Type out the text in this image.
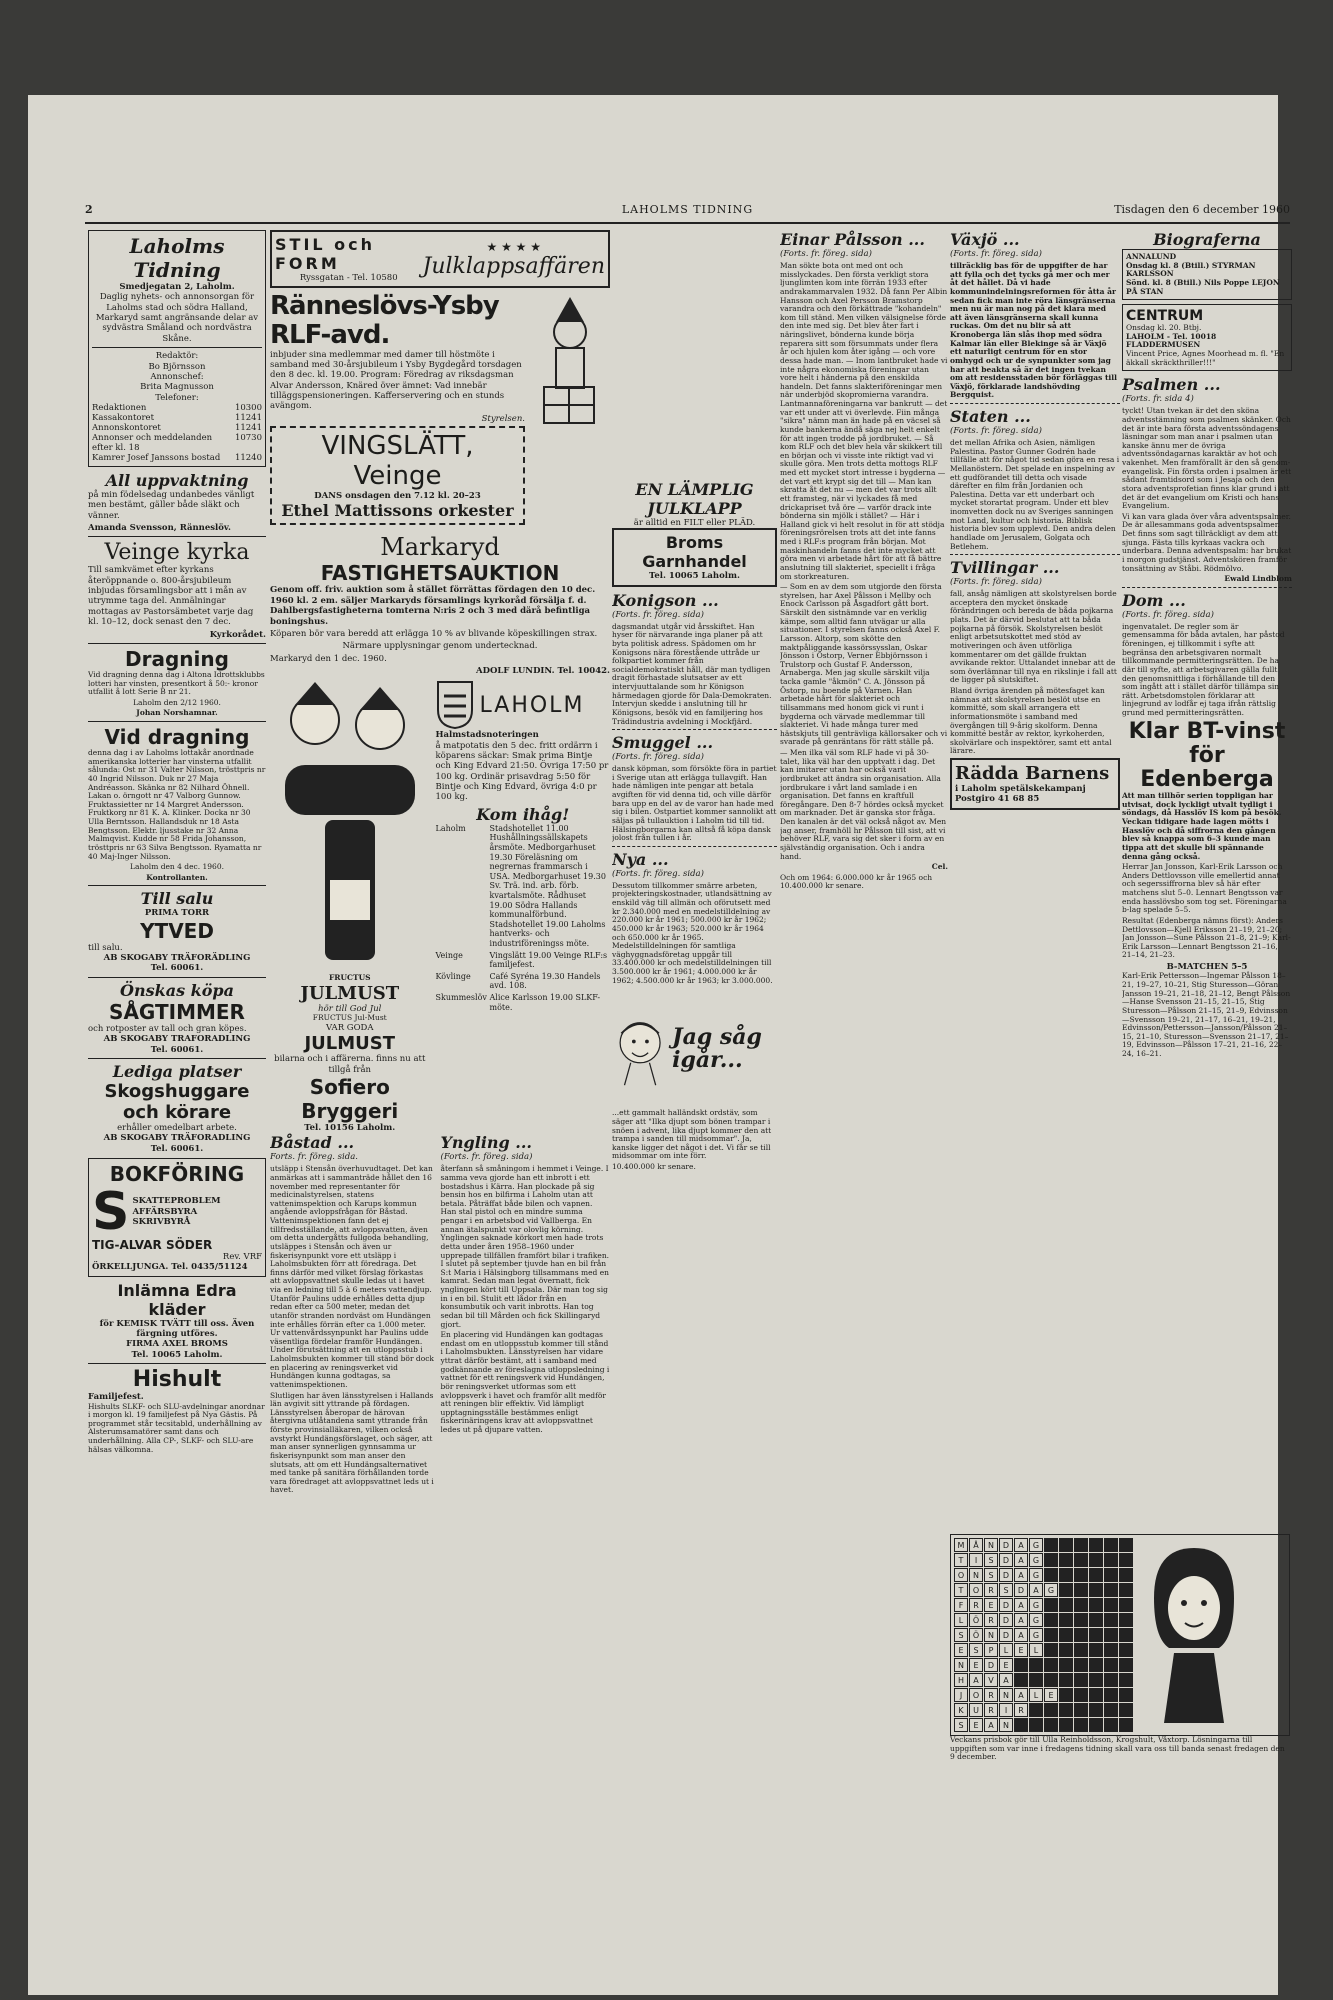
2	LAHOLMS TIDNING	Tisdagen den 6 december 1960
Laholms Tidning
Smedjegatan 2, Laholm.
Daglig nyhets- och annonsorgan för Laholms stad och södra Halland, Markaryd samt angränsande delar av sydvästra Småland och nordvästra Skåne.
Redaktör:
Bo Björnsson
Annonschef:
Brita Magnusson
Telefoner:
Redaktionen	10300
Kassakontoret	11241
Annonskontoret	11241
Annonser och meddelanden efter kl. 18
10730
Kamrer Josef Janssons bostad 11240
All uppvaktning

på min födelsedag undanbedes vänligt men bestämt, gäller både släkt och vänner.

Amanda Svensson, Ränneslöv.

Veinge kyrka

Till samkvämet efter kyrkans återöppnande o. 800-årsjubileum inbjudas församlingsbor att i mån av utrymme taga del. Anmälningar mottagas av Pastorsämbetet varje dag kl. 10–12, dock senast den 7 dec.

Kyrkorådet.

Dragning

Vid dragning denna dag i Altona Idrottsklubbs lotteri har vinsten, presentkort å 50:- kronor utfallit å lott Serie B nr 21.

Laholm den 2/12 1960.

Johan Norshamnar.

Vid dragning

denna dag i av Laholms lottakår anordnade amerikanska lotterier har vinsterna utfallit sålunda: Ost nr 31 Valter Nilsson, trösttpris nr 40 Ingrid Nilsson. Duk nr 27 Maja Andréasson. Skänka nr 82 Nilhard Öhnell. Lakan o. örngott nr 47 Valborg Gunnow. Fruktassietter nr 14 Margret Andersson. Fruktkorg nr 81 K. A. Klinker. Docka nr 30 Ulla Berntsson. Hallandsduk nr 18 Asta Bengtsson. Elektr. ljusstake nr 32 Anna Malmqvist. Kudde nr 58 Frida Johansson, trösttpris nr 63 Silva Bengtsson. Ryamatta nr 40 Maj-Inger Nilsson.

Laholm den 4 dec. 1960.

Kontrollanten.

Till salu
PRIMA TORR
YTVED
till salu.
AB SKOGABY TRÄFORÄDLING
Tel. 60061.
Önskas köpa
SÅGTIMMER
och rotposter av tall och gran köpes.
AB SKOGABY TRAFORADLING
Tel. 60061.
Lediga platser
Skogshuggare
och körare
erhåller omedelbart arbete.
AB SKOGABY TRÄFORADLING
Tel. 60061.
BOKFÖRING
S SKATTEPROBLEM
AFFÄRSBYRA
SKRIVBYRÅ
TIG-ALVAR SÖDER
Rev. VRF
ÖRKELLJUNGA. Tel. 0435/51124
Inlämna Edra kläder
för KEMISK TVÄTT till oss. Även färgning utföres.
FIRMA AXEL BROMS
Tel. 10065 Laholm.
Hishult
Familjefest.

Hishults SLKF- och SLU-avdelningar anordnar i morgon kl. 19 familjefest på Nya Gästis. På programmet står tecsitabld, underhållning av Alsterumsamatörer samt dans och underhållning. Alla CP-, SLKF- och SLU-are hälsas välkomna.

STIL och FORM
Ryssgatan - Tel. 10580
★ ★ ★ ★
Julklappsaffären
Ränneslövs-Ysby RLF-avd.

inbjuder sina medlemmar med damer till höstmöte i samband med 30-årsjubileum i Ysby Bygdegård torsdagen den 8 dec. kl. 19.00. Program: Föredrag av riksdagsman Alvar Andersson, Knäred över ämnet: Vad innebär tilläggspensioneringen. Kafferservering och en stunds avängom.

Styrelsen.

VINGSLÄTT, Veinge
DANS onsdagen den 7.12 kl. 20–23
Ethel Mattissons orkester
Markaryd
FASTIGHETSAUKTION

Genom off. friv. auktion som å stället förrättas fördagen den 10 dec. 1960 kl. 2 em. säljer Markaryds församlings kyrkoråd försälja f. d. Dahlbergsfastigheterna tomterna N:ris 2 och 3 med därå befintliga boningshus.

Köparen bör vara beredd att erlägga 10 % av blivande köpeskillingen strax.

Närmare upplysningar genom undertecknad.

Markaryd den 1 dec. 1960.

ADOLF LUNDIN. Tel. 10042.

FRUCTUS
JULMUST
hör till God Jul
FRUCTUS Jul-Must
VAR GODA
JULMUST
bilarna och i affärerna. finns nu att tillgå från
Sofiero Bryggeri
Tel. 10156 Laholm.
LAHOLM
Halmstadsnoteringen

å matpotatis den 5 dec. fritt ordärrn i köparens säckar: Smak prima Bintje och King Edvard 21:50. Övriga 17:50 pr 100 kg. Ordinär prisavdrag 5:50 för Bintje och King Edvard, övriga 4:0 pr 100 kg.

Kom ihåg!
Laholm	Stadshotellet 11.00 Hushållningssällskapets årsmöte. Medborgarhuset 19.30 Föreläsning om negrernas frammarsch i USA. Medborgarhuset 19.30 Sv. Trä. ind. arb. förb. kvartalsmöte. Rådhuset 19.00 Södra Hallands kommunalförbund. Stadshotellet 19.00 Laholms hantverks- och industriföreningss möte.
Veinge	Vingslätt 19.00 Veinge RLF:s familjefest.
Kövlinge	Café Syréna 19.30 Handels avd. 108.
Skummeslöv Alice Karlsson 19.00 SLKF-möte.
Båstad ...
Forts. fr. föreg. sida.

utsläpp i Stensån överhuvudtaget. Det kan anmärkas att i sammanträde hållet den 16 november med representanter för medicinalstyrelsen, statens vattenimspektion och Karups kommun angående avloppsfrågan för Båstad. Vattenimspektionen fann det ej tillfredsställande, att avloppsvatten, även om detta undergåtts fullgoda behandling, utsläppes i Stensån och även ur fiskerisynpunkt vore ett utsläpp i Laholmsbukten förr att föredraga. Det finns därför med vilket förslag förkastas att avloppsvattnet skulle ledas ut i havet via en ledning till 5 à 6 meters vattendjup. Utanför Paulins udde erhålles detta djup redan efter ca 500 meter, medan det utanför stranden nordväst om Hundängen inte erhålles förrän efter ca 1.000 meter. Ur vattenvårdssynpunkt har Paulins udde väsentliga fördelar framför Hundängen. Under förutsättning att en utloppsstub i Laholmsbukten kommer till ständ bör dock en placering av reningsverket vid Hundängen kunna godtagas, sa vattenimspektionen.

Slutligen har även länsstyrelsen i Hallands län avgivit sitt yttrande på fördagen. Länsstyrelsen åberopar de härovan återgivna utlåtandena samt yttrande från förste provinsialläkaren, vilken också avstyrkt Hundängsförslaget, och säger, att man anser synnerligen gynnsamma ur fiskerisynpunkt som man anser den slutsats, att om ett Hundängsalternativet med tanke på sanitära förhållanden torde vara föredraget att avloppsvattnet leds ut i havet.

Yngling ...
(Forts. fr. föreg. sida)

återfann så småningom i hemmet i Veinge. I samma veva gjorde han ett inbrott i ett bostadshus i Kärra. Han plockade på sig bensin hos en bilfirma i Laholm utan att betala. Påträffat både bilen och vapnen. Han stal pistol och en mindre summa pengar i en arbetsbod vid Vallberga. En annan ätalspunkt var olovlig körning. Ynglingen saknade körkort men hade trots detta under åren 1958–1960 under upprepade tillfällen framfört bilar i trafiken. I slutet på september tjuvde han en bil från S:t Maria i Hälsingborg tillsammans med en kamrat. Sedan man legat övernatt, fick ynglingen kört till Uppsala. Där man tog sig in i en bil. Stulit ett lådor från en konsumbutik och varit inbrotts. Han tog sedan bil till Mården och fick Skillingaryd gjort.

En placering vid Hundängen kan godtagas endast om en utloppsstub kommer till stånd i Laholmsbukten. Länsstyrelsen har vidare yttrat därför bestämt, att i samband med godkännande av föreslagna utloppsledning i vattnet för ett reningsverk vid Hundängen, bör reningsverket utformas som ett avloppsverk i havet och framför allt medför att reningen blir effektiv. Vid lämpligt upptagningsställe bestämmes enligt fiskerinäringens krav att avloppsvattnet ledes ut på djupare vatten.

EN LÄMPLIG JULKLAPP
är alltid en FILT eller PLÄD.
Broms Garnhandel
Tel. 10065 Laholm.
Konigson ...
(Forts. fr. föreg. sida)

dagsmandat utgår vid årsskiftet. Han hyser för närvarande inga planer på att byta politisk adress. Spädomen om hr Konigsons nära förestående uttråde ur folkpartiet kommer från socialdemokratiskt håll, där man tydligen dragit förhastade slutsatser av ett intervjuuttalande som hr Königson härmedagen gjorde för Dala-Demokraten. Intervjun skedde i anslutning till hr Königsons, besök vid en familjering hos Trädindustria avdelning i Mockfjärd.

Smuggel ...
(Forts. fr. föreg. sida)

dansk köpman, som försökte föra in partiet i Sverige utan att erlägga tullavgift. Han hade nämligen inte pengar att betala avgiften för vid denna tid, och ville därför bara upp en del av de varor han hade med sig i bilen. Ostpartiet kommer sannolikt att säljas på tullauktion i Laholm tid till tid. Hälsingborgarna kan alltså få köpa dansk jolost från tullen i år.

Nya ...
(Forts. fr. föreg. sida)

Dessutom tillkommer smärre arbeten, projekteringskostnader, utlandsättning av enskild väg till allmän och oförutsett med kr 2.340.000 med en medelstilldelning av 220.000 kr år 1961; 500.000 kr år 1962; 450.000 kr år 1963; 520.000 kr år 1964 och 650.000 kr år 1965. Medelstilldelningen för samtliga väghyggnadsföretag uppgår till 33.400.000 kr och medelstilldelningen till 3.500.000 kr år 1961; 4.000.000 kr år 1962; 4.500.000 kr år 1963; kr 3.000.000.

Jag såg igår...

...ett gammalt halländskt ordstäv, som säger att "Ilka djupt som bönen trampar i snöen i advent, lika djupt kommer den att trampa i sanden till midsommar". Ja, kanske ligger det något i det. Vi får se till midsommar om inte förr.

10.400.000 kr senare.

Einar Pålsson ...
(Forts. fr. föreg. sida)

Man sökte bota ont med ont och misslyckades. Den första verkligt stora ljunglimten kom inte förrän 1933 efter andrakammarvalen 1932. Då fann Per Albin Hansson och Axel Persson Bramstorp varandra och den förkättrade "kohandeln" kom till ständ. Men vilken välsignelse förde den inte med sig. Det blev åter fart i näringslivet, bönderna kunde börja reparera sitt som försummats under flera år och hjulen kom åter igång — och vore dessa hade man. — Inom lantbruket hade vi inte några ekonomiska föreningar utan vore helt i händerna på den enskilda handeln. Det fanns slakteriföreningar men när underbjöd skopromierna varandra. Lantmannaföreningarna var bankrutt — det var ett under att vi överlevde. Fiin många "sikra" nämn man än hade på en väcsel så kunde bankerna ändå säga nej helt enkelt för att ingen trodde på jordbruket. — Så kom RLF och det blev hela vår skikkert till en början och vi visste inte riktigt vad vi skulle göra. Men trots detta mottogs RLF med ett mycket stort intresse i bygderna — det vart ett krypt sig det till — Man kan skratta åt det nu — men det var trots allt ett framsteg, när vi lyckades få med drickapriset två öre — varför drack inte bönderna sin mjölk i stället? — Här i Halland gick vi helt resolut in för att stödja föreningsrörelsen trots att det inte fanns med i RLF:s program från början. Mot maskinhandeln fanns det inte mycket att göra men vi arbetade hårt för att få bättre anslutning till slakteriet, speciellt i fråga om storkreaturen.

— Som en av dem som utgjorde den första styrelsen, har Axel Pålsson i Mellby och Enock Carlsson på Åsgadfort gått bort. Särskilt den sistnämnde var en verklig kämpe, som alltid fann utvägar ur alla situationer. I styrelsen fanns också Axel F. Larsson. Altorp, som skötte den maktpåliggande kassörssysslan, Oskar Jönsson i Östorp, Verner Ebbjörnsson i Trulstorp och Gustaf F. Andersson, Arnaberga. Men jag skulle särskilt vilja tacka gamle "åkmön" C. A. Jönsson på Östorp, nu boende på Varnen. Han arbetade hårt för slakteriet och tillsammans med honom gick vi runt i bygderna och värvade medlemmar till slakteriet. Vi hade många turer med hästskjuts till genträvliga källorsaker och vi svarade på genräntans för rätt ställe på.

— Men ilka väl som RLF hade vi på 30-talet, lika väl har den upptvatt i dag. Det kan imitarer utan har också varit jordbruket att ändra sin organisation. Alla jordbrukare i vårt land samlade i en organisation. Det fanns en kraftfull föregångare. Den 8-7 hördes också mycket om marknader. Det är ganska stor fråga. Den kanalen är det väl också något av. Men jag anser, framhöll hr Pålsson till sist, att vi behöver RLF, vara sig det sker i form av en självständig organisation. Och i andra hand.

Cel.

Och om 1964: 6.000.000 kr år 1965 och 10.400.000 kr senare.

Växjö ...
(Forts. fr. föreg. sida)

tillräcklig bas för de uppgifter de har att fylla och det tycks gå mer och mer åt det hållet. Då vi hade kommunindelningsreformen för åtta år sedan fick man inte röra länsgränserna men nu är man nog på det klara med att även länsgränserna skall kunna ruckas. Om det nu blir så att Kronoberga län slås ihop med södra Kalmar län eller Blekinge så är Växjö ett naturligt centrum för en stor omhygd och ur de synpunkter som jag har att beakta så är det ingen tvekan om att residensstaden bör förläggas till Växjö, förklarade landshövding Bergquist.

Staten ...
(Forts. fr. föreg. sida)

det mellan Afrika och Asien, nämligen Palestina. Pastor Gunner Godrén hade tillfälle att för något tid sedan göra en resa i Mellanöstern. Det spelade en inspelning av ett gudförandet till detta och visade därefter en film från Jordanien och Palestina. Detta var ett underbart och mycket storartat program. Under ett blev inomvetten dock nu av Sveriges sanningen mot Land, kultur och historia. Biblisk historia blev som upplevd. Den andra delen handlade om Jerusalem, Golgata och Betlehem.

Tvillingar ...
(Forts. fr. föreg. sida)

fall, ansåg nämligen att skolstyrelsen borde acceptera den mycket önskade förändringen och bereda de båda pojkarna plats. Det är därvid beslutat att ta båda pojkarna på försök. Skolstyrelsen beslöt enligt arbetsutskottet med stöd av motiveringen och även utförliga kommentarer om det gällde fruktan avvikande rektor. Uttalandet innebar att de som överlämnar till nya en rikslinje i fall att de ligger på slutskiftet.

Bland övriga ärenden på mötesfaget kan nämnas att skolstyrelsen beslöt utse en kommitté, som skall arrangera ett informationsmöte i samband med övergången till 9-årig skolform. Denna kommitté består av rektor, kyrkoherden, skolvärlare och inspektörer, samt ett antal lärare.

Rädda Barnens
i Laholm spetälskekampanj
Postgiro 41 68 85
Biograferna
ANNALUND
Onsdag kl. 8 (Btill.) STYRMAN KARLSSON
Sönd. kl. 8 (Btill.) Nils Poppe LEJON PÅ STAN
CENTRUM
Onsdag kl. 20. Btbj.
LAHOLM - Tel. 10018 FLADDERMUSEN
Vincent Price, Agnes Moorhead m. fl. "En äkkall skräckthriller!!!"
Psalmen ...
(Forts. fr. sida 4)

tyckt! Utan tvekan är det den sköna adventsstämning som psalmen skänker. Och det är inte bara första adventssöndagens läsningar som man anar i psalmen utan kanske ännu mer de övriga adventssöndagarnas karaktär av hot och vakenhet. Men framförallt är den så genom-evangelisk. Fin första orden i psalmen är ett sådant framtidsord som i Jesaja och den stora adventsprofetian finns klar grund i att det är det evangelium om Kristi och hans Evangelium.

Vi kan vara glada över våra adventspsalmer. De är allesammans goda adventspsalmer. Det finns som sagt tillräckligt av dem att sjunga. Fästa tills kyrkaas vackra och underbara. Denna adventspsalm: har brukat i morgon gudstjänst. Adventskören framför tonsättning av Ståbi. Rödmölvo.

Ewald Lindblom

Dom ...
(Forts. fr. föreg. sida)

ingenvatalet. De regler som är gemensamma för båda avtalen, har påstod föreningen, ej tillkommit i syfte att begränsa den arbetsgivaren normalt tillkommande permitteringsrätten. De ha där till syfte, att arbetsgivaren gälla fullt den genomsnittliga i förhållande till den som ingått att i stället därför tillämpa sin rätt. Arbetsdomstolen förklarar att linjegrund av lodfår ej taga ifrån rättslig grund med permitteringsrätten.

Klar BT-vinst för Edenberga

Att man tillhör serien toppligan har utvisat, dock lyckligt utvalt tydligt i söndags, då Hasslöv IS kom på besök. Veckan tidigare hade lagen mötts i Hasslöv och då siffrorna den gången blev så knappa som 6–3 kunde man tippa att det skulle bli spännande denna gång också.

Herrar Jan Jonsson, Karl-Erik Larsson och Anders Dettlovsson ville emellertid annat och segerssiffrorna blev så här efter matchens slut 5–0. Lennart Bengtsson var enda hasslövsbo som tog set. Föreningarna b-lag spelade 5–5.

Resultat (Edenberga nämns först): Anders Dettlovsson—Kjell Eriksson 21–19, 21–20; Jan Jonsson—Sune Pålsson 21–8, 21–9; Karl-Erik Larsson—Lennart Bengtsson 21–16, 21–14, 21–23.

B-MATCHEN 5–5

Karl-Erik Pettersson—Ingemar Pålsson 18–21, 19–27, 10–21, Stig Sturesson—Göran Jansson 19–21, 21–18, 21–12, Bengt Pålsson—Hanse Svensson 21–15, 21–15, Stig Sturesson—Pålsson 21–15, 21–9, Edvinsson—Svensson 19–21, 21–17, 16–21, 19–21, Edvinsson/Pettersson—Jansson/Pålsson 21–15, 21–10, Sturesson—Svensson 21–17, 21–19, Edvinsson—Pålsson 17–21, 21–16, 22–24, 16–21.

M	Å	N	D	A	G
T	I	S	D	A	G
O	N	S	D	A	G
T	O	R	S	D	A	G
F	R	E	D	A	G
L	Ö	R	D	A	G
S	Ö	N	D	A	G
E	S	P	L	E	L
N	E	D	E
H	A	V	A
J	O	R	N	A	L	E
K	U	R	I	R
S	E	A	N

Veckans prisbok gör till Ulla Reinholdsson, Krogshult, Våxtorp. Lösningarna till uppgiften som var inne i fredagens tidning skall vara oss till banda senast fredagen den 9 december.
